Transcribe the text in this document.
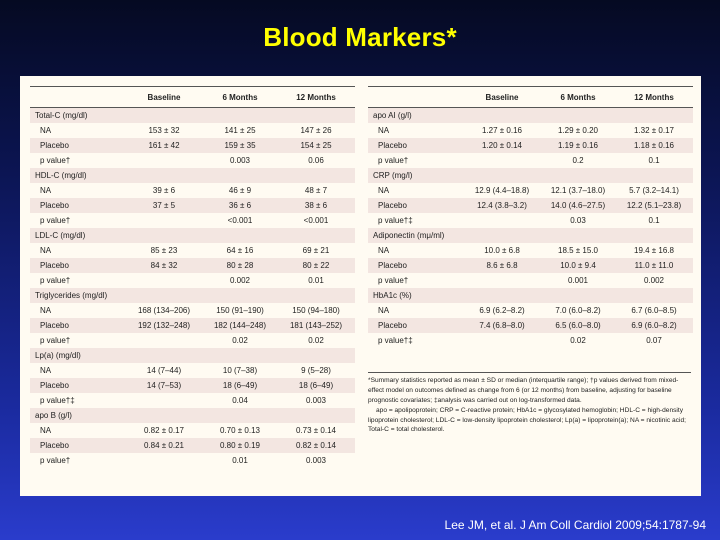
Blood Markers*
	Baseline	6 Months	12 Months
Total-C (mg/dl)			
NA	153 ± 32	141 ± 25	147 ± 26
Placebo	161 ± 42	159 ± 35	154 ± 25
p value†		0.003	0.06
HDL-C (mg/dl)			
NA	39 ± 6	46 ± 9	48 ± 7
Placebo	37 ± 5	36 ± 6	38 ± 6
p value†		<0.001	<0.001
LDL-C (mg/dl)			
NA	85 ± 23	64 ± 16	69 ± 21
Placebo	84 ± 32	80 ± 28	80 ± 22
p value†		0.002	0.01
Triglycerides (mg/dl)			
NA	168 (134–206)	150 (91–190)	150 (94–180)
Placebo	192 (132–248)	182 (144–248)	181 (143–252)
p value†		0.02	0.02
Lp(a) (mg/dl)			
NA	14 (7–44)	10 (7–38)	9 (5–28)
Placebo	14 (7–53)	18 (6–49)	18 (6–49)
p value†‡		0.04	0.003
apo B (g/l)			
NA	0.82 ± 0.17	0.70 ± 0.13	0.73 ± 0.14
Placebo	0.84 ± 0.21	0.80 ± 0.19	0.82 ± 0.14
p value†		0.01	0.003
	Baseline	6 Months	12 Months
apo AI (g/l)			
NA	1.27 ± 0.16	1.29 ± 0.20	1.32 ± 0.17
Placebo	1.20 ± 0.14	1.19 ± 0.16	1.18 ± 0.16
p value†		0.2	0.1
CRP (mg/l)			
NA	12.9 (4.4–18.8)	12.1 (3.7–18.0)	5.7 (3.2–14.1)
Placebo	12.4 (3.8–3.2)	14.0 (4.6–27.5)	12.2 (5.1–23.8)
p value†‡		0.03	0.1
Adiponectin (mμ/ml)			
NA	10.0 ± 6.8	18.5 ± 15.0	19.4 ± 16.8
Placebo	8.6 ± 6.8	10.0 ± 9.4	11.0 ± 11.0
p value†		0.001	0.002
HbA1c (%)			
NA	6.9 (6.2–8.2)	7.0 (6.0–8.2)	6.7 (6.0–8.5)
Placebo	7.4 (6.8–8.0)	6.5 (6.0–8.0)	6.9 (6.0–8.2)
p value†‡		0.02	0.07

*Summary statistics reported as mean ± SD or median (interquartile range); †p values derived from mixed-effect model on outcomes defined as change from 6 (or 12 months) from baseline, adjusting for baseline prognostic covariates; ‡analysis was carried out on log-transformed data.

apo = apolipoprotein; CRP = C-reactive protein; HbA1c = glycosylated hemoglobin; HDL-C = high-density lipoprotein cholesterol; LDL-C = low-density lipoprotein cholesterol; Lp(a) = lipoprotein(a); NA = nicotinic acid; Total-C = total cholesterol.

Lee JM, et al. J Am Coll Cardiol 2009;54:1787-94
